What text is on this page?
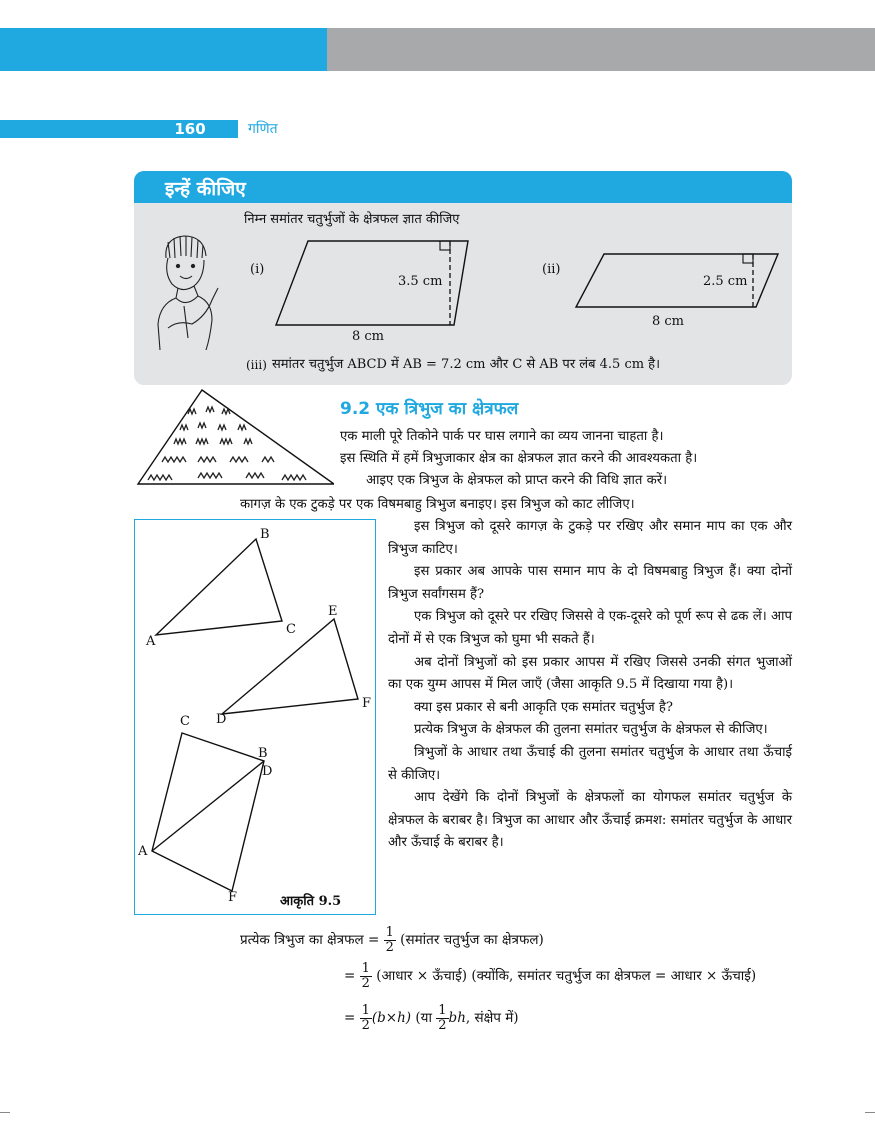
160	गणित
इन्हें कीजिए
निम्न समांतर चतुर्भुजों के क्षेत्रफल ज्ञात कीजिए
(i)
3.5 cm
8 cm
(ii)
2.5 cm
8 cm
(iii) समांतर चतुर्भुज ABCD में AB = 7.2 cm और C से AB पर लंब 4.5 cm है।
9.2 एक त्रिभुज का क्षेत्रफल
एक माली पूरे तिकोने पार्क पर घास लगाने का व्यय जानना चाहता है।
इस स्थिति में हमें त्रिभुजाकार क्षेत्र का क्षेत्रफल ज्ञात करने की आवश्यकता है।
आइए एक त्रिभुज के क्षेत्रफल को प्राप्त करने की विधि ज्ञात करें।
कागज़ के एक टुकड़े पर एक विषमबाहु त्रिभुज बनाइए। इस त्रिभुज को काट लीजिए।
A
B
C
D
E
F
C
B
D
A
F	आकृति 9.5

इस त्रिभुज को दूसरे कागज़ के टुकड़े पर रखिए और समान माप का एक और त्रिभुज काटिए।

इस प्रकार अब आपके पास समान माप के दो विषमबाहु त्रिभुज हैं। क्या दोनों त्रिभुज सर्वांगसम हैं?

एक त्रिभुज को दूसरे पर रखिए जिससे वे एक-दूसरे को पूर्ण रूप से ढक लें। आप दोनों में से एक त्रिभुज को घुमा भी सकते हैं।

अब दोनों त्रिभुजों को इस प्रकार आपस में रखिए जिससे उनकी संगत भुजाओं का एक युग्म आपस में मिल जाएँ (जैसा आकृति 9.5 में दिखाया गया है)।

क्या इस प्रकार से बनी आकृति एक समांतर चतुर्भुज है?

प्रत्येक त्रिभुज के क्षेत्रफल की तुलना समांतर चतुर्भुज के क्षेत्रफल से कीजिए।

त्रिभुजों के आधार तथा ऊँचाई की तुलना समांतर चतुर्भुज के आधार तथा ऊँचाई से कीजिए।

आप देखेंगे कि दोनों त्रिभुजों के क्षेत्रफलों का योगफल समांतर चतुर्भुज के क्षेत्रफल के बराबर है। त्रिभुज का आधार और ऊँचाई क्रमश: समांतर चतुर्भुज के आधार और ऊँचाई के बराबर है।

प्रत्येक त्रिभुज का क्षेत्रफल = $\frac{1}{2}$ (समांतर चतुर्भुज का क्षेत्रफल)
= $\frac{1}{2}$ (आधार × ऊँचाई) (क्योंकि, समांतर चतुर्भुज का क्षेत्रफल = आधार × ऊँचाई)
= $\frac{1}{2} (b\times h)$ (या $\frac{1}{2}$ bh, संक्षेप में)
